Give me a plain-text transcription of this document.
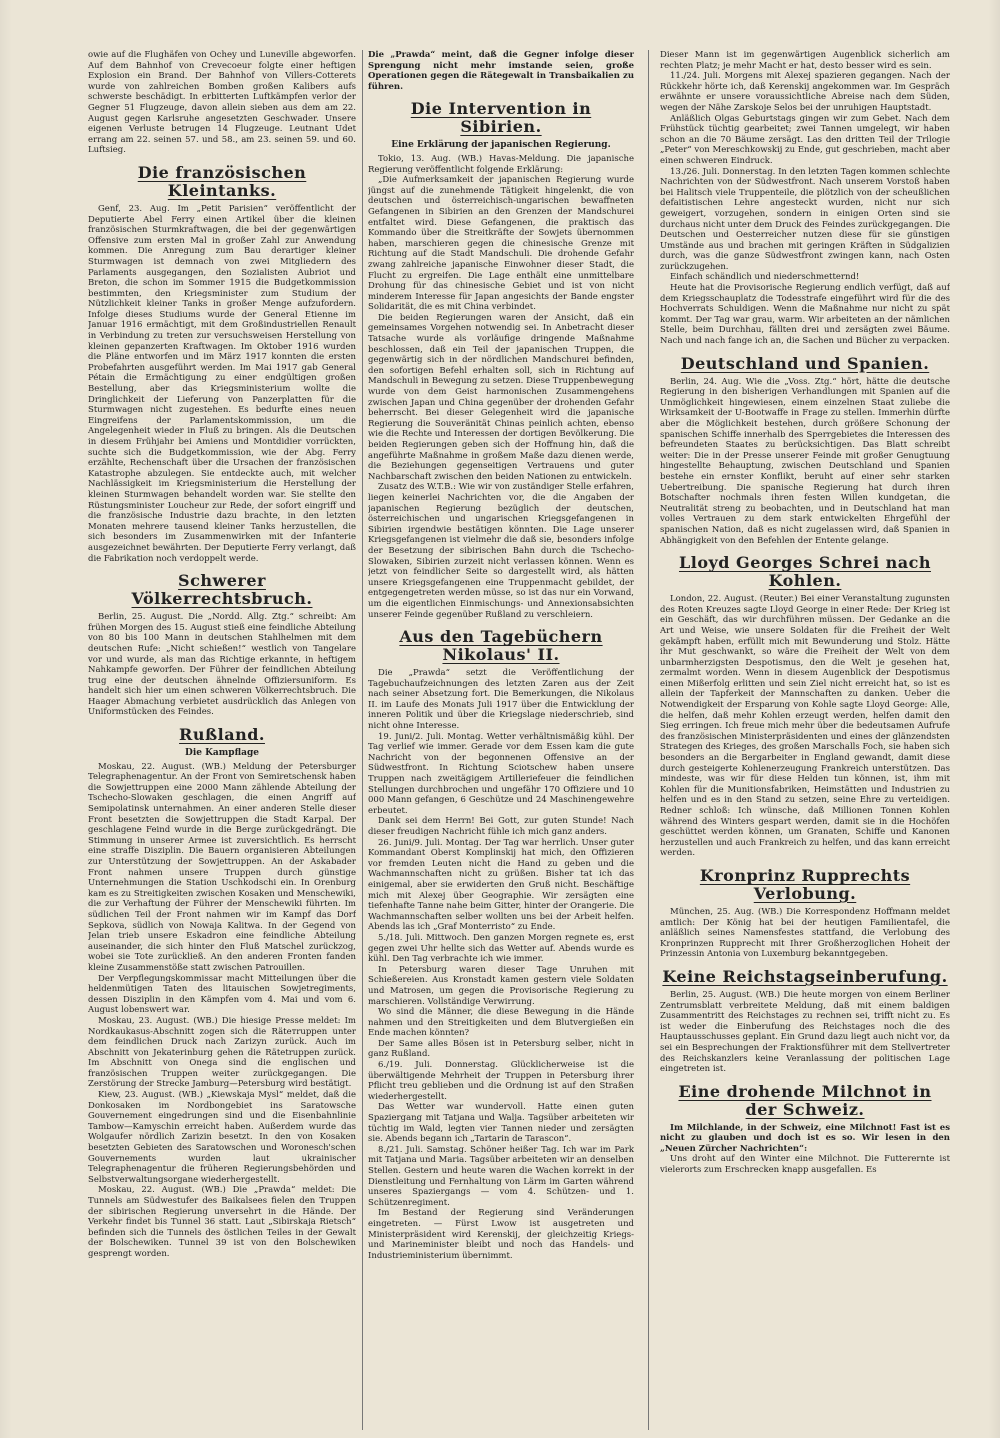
owie auf die Flughäfen von Ochey und Luneville abgeworfen. Auf dem Bahnhof von Crevecoeur folgte einer heftigen Explosion ein Brand. Der Bahnhof von Villers-Cotterets wurde von zahlreichen Bomben großen Kalibers aufs schwerste beschädigt. In erbitterten Luftkämpfen verlor der Gegner 51 Flugzeuge, davon allein sieben aus dem am 22. August gegen Karlsruhe angesetzten Geschwader. Unsere eigenen Verluste betrugen 14 Flugzeuge. Leutnant Udet errang am 22. seinen 57. und 58., am 23. seinen 59. und 60. Luftsieg.

Die französischen Kleintanks.

Genf, 23. Aug. Im „Petit Parisien“ veröffentlicht der Deputierte Abel Ferry einen Artikel über die kleinen französischen Sturmkraftwagen, die bei der gegenwärtigen Offensive zum ersten Mal in großer Zahl zur Anwendung kommen. Die Anregung zum Bau derartiger kleiner Sturmwagen ist demnach von zwei Mitgliedern des Parlaments ausgegangen, den Sozialisten Aubriot und Breton, die schon im Sommer 1915 die Budgetkommission bestimmten, den Kriegsminister zum Studium der Nützlichkeit kleiner Tanks in großer Menge aufzufordern. Infolge dieses Studiums wurde der General Etienne im Januar 1916 ermächtigt, mit dem Großindustriellen Renault in Verbindung zu treten zur versuchsweisen Herstellung von kleinen gepanzerten Kraftwagen. Im Oktober 1916 wurden die Pläne entworfen und im März 1917 konnten die ersten Probefahrten ausgeführt werden. Im Mai 1917 gab General Pétain die Ermächtigung zu einer endgültigen großen Bestellung, aber das Kriegsministerium wollte die Dringlichkeit der Lieferung von Panzerplatten für die Sturmwagen nicht zugestehen. Es bedurfte eines neuen Eingreifens der Parlamentskommission, um die Angelegenheit wieder in Fluß zu bringen. Als die Deutschen in diesem Frühjahr bei Amiens und Montdidier vorrückten, suchte sich die Budgetkommission, wie der Abg. Ferry erzählte, Rechenschaft über die Ursachen der französischen Katastrophe abzulegen. Sie entdeckte auch, mit welcher Nachlässigkeit im Kriegsministerium die Herstellung der kleinen Sturmwagen behandelt worden war. Sie stellte den Rüstungsminister Loucheur zur Rede, der sofort eingriff und die französische Industrie dazu brachte, in den letzten Monaten mehrere tausend kleiner Tanks herzustellen, die sich besonders im Zusammenwirken mit der Infanterie ausgezeichnet bewährten. Der Deputierte Ferry verlangt, daß die Fabrikation noch verdoppelt werde.

Schwerer Völkerrechtsbruch.

Berlin, 25. August. Die „Nordd. Allg. Ztg.“ schreibt: Am frühen Morgen des 15. August stieß eine feindliche Abteilung von 80 bis 100 Mann in deutschen Stahlhelmen mit dem deutschen Rufe: „Nicht schießen!“ westlich von Tangelare vor und wurde, als man das Richtige erkannte, in heftigem Nahkampfe geworfen. Der Führer der feindlichen Abteilung trug eine der deutschen ähnelnde Offiziersuniform. Es handelt sich hier um einen schweren Völkerrechtsbruch. Die Haager Abmachung verbietet ausdrücklich das Anlegen von Uniformstücken des Feindes.

Rußland.
Die Kampflage

Moskau, 22. August. (WB.) Meldung der Petersburger Telegraphenagentur. An der Front von Semiretschensk haben die Sowjettruppen eine 2000 Mann zählende Abteilung der Tschecho-Slowaken geschlagen, die einen Angriff auf Semipolatinsk unternahmen. An einer anderen Stelle dieser Front besetzten die Sowjettruppen die Stadt Karpal. Der geschlagene Feind wurde in die Berge zurückgedrängt. Die Stimmung in unserer Armee ist zuversichtlich. Es herrscht eine straffe Disziplin. Die Bauern organisieren Abteilungen zur Unterstützung der Sowjettruppen. An der Askabader Front nahmen unsere Truppen durch günstige Unternehmungen die Station Uschkodschi ein. In Orenburg kam es zu Streitigkeiten zwischen Kosaken und Menschewiki, die zur Verhaftung der Führer der Menschewiki führten. Im südlichen Teil der Front nahmen wir im Kampf das Dorf Sepkova, südlich von Nowaja Kalitwa. In der Gegend von Jelan trieb unsere Eskadron eine feindliche Abteilung auseinander, die sich hinter den Fluß Matschel zurückzog, wobei sie Tote zurückließ. An den anderen Fronten fanden kleine Zusammenstöße statt zwischen Patrouillen.

Der Verpflegungskommissar macht Mitteilungen über die heldenmütigen Taten des litauischen Sowjetregiments, dessen Disziplin in den Kämpfen vom 4. Mai und vom 6. August lobenswert war.

Moskau, 23. August. (WB.) Die hiesige Presse meldet: Im Nordkaukasus-Abschnitt zogen sich die Räteтruppen unter dem feindlichen Druck nach Zarizyn zurück. Auch im Abschnitt von Jekaterinburg gehen die Rätetruppen zurück. Im Abschnitt von Onega sind die englischen und französischen Truppen weiter zurückgegangen. Die Zerstörung der Strecke Jamburg—Petersburg wird bestätigt.

Kiew, 23. August. (WB.) „Kiewskaja Mysl“ meldet, daß die Donkosaken im Nordbongebiet ins Saratowsche Gouvernement eingedrungen sind und die Eisenbahnlinie Tambow—Kamyschin erreicht haben. Außerdem wurde das Wolgaufer nördlich Zarizin besetzt. In den von Kosaken besetzten Gebieten des Saratowschen und Woronesch'schen Gouvernements wurden laut ukrainischer Telegraphenagentur die früheren Regierungsbehörden und Selbstverwaltungsorgane wiederhergestellt.

Moskau, 22. August. (WB.) Die „Prawda“ meldet: Die Tunnels am Südwestufer des Baikalsees fielen den Truppen der sibirischen Regierung unversehrt in die Hände. Der Verkehr findet bis Tunnel 36 statt. Laut „Sibirskaja Rietsch“ befinden sich die Tunnels des östlichen Teiles in der Gewalt der Bolschewiken. Tunnel 39 ist von den Bolschewiken gesprengt worden.

Die „Prawda“ meint, daß die Gegner infolge dieser Sprengung nicht mehr imstande seien, große Operationen gegen die Rätegewalt in Transbaikalien zu führen.

Die Intervention in Sibirien.
Eine Erklärung der japanischen Regierung.

Tokio, 13. Aug. (WB.) Havas-Meldung. Die japanische Regierung veröffentlicht folgende Erklärung:

„Die Aufmerksamkeit der japanischen Regierung wurde jüngst auf die zunehmende Tätigkeit hingelenkt, die von deutschen und österreichisch-ungarischen bewaffneten Gefangenen in Sibirien an den Grenzen der Mandschurei entfaltet wird. Diese Gefangenen, die praktisch das Kommando über die Streitkräfte der Sowjets übernommen haben, marschieren gegen die chinesische Grenze mit Richtung auf die Stadt Mandschuli. Die drohende Gefahr zwang zahlreiche japanische Einwohner dieser Stadt, die Flucht zu ergreifen. Die Lage enthält eine unmittelbare Drohung für das chinesische Gebiet und ist von nicht minderem Interesse für Japan angesichts der Bande engster Solidarität, die es mit China verbindet.

Die beiden Regierungen waren der Ansicht, daß ein gemeinsames Vorgehen notwendig sei. In Anbetracht dieser Tatsache wurde als vorläufige dringende Maßnahme beschlossen, daß ein Teil der japanischen Truppen, die gegenwärtig sich in der nördlichen Mandschurei befinden, den sofortigen Befehl erhalten soll, sich in Richtung auf Mandschuli in Bewegung zu setzen. Diese Truppenbewegung wurde von dem Geist harmonischen Zusammengehens zwischen Japan und China gegenüber der drohenden Gefahr beherrscht. Bei dieser Gelegenheit wird die japanische Regierung die Souveränität Chinas peinlich achten, ebenso wie die Rechte und Interessen der dortigen Bevölkerung. Die beiden Regierungen geben sich der Hoffnung hin, daß die angeführte Maßnahme in großem Maße dazu dienen werde, die Beziehungen gegenseitigen Vertrauens und guter Nachbarschaft zwischen den beiden Nationen zu entwickeln.

Zusatz des W.T.B.: Wie wir von zuständiger Stelle erfahren, liegen keinerlei Nachrichten vor, die die Angaben der japanischen Regierung bezüglich der deutschen, österreichischen und ungarischen Kriegsgefangenen in Sibirien irgendwie bestätigen könnten. Die Lage unserer Kriegsgefangenen ist vielmehr die daß sie, besonders infolge der Besetzung der sibirischen Bahn durch die Tschecho-Slowaken, Sibirien zurzeit nicht verlassen können. Wenn es jetzt von feindlicher Seite so dargestellt wird, als hätten unsere Kriegsgefangenen eine Truppenmacht gebildet, der entgegengetreten werden müsse, so ist das nur ein Vorwand, um die eigentlichen Einmischungs- und Annexionsabsichten unserer Feinde gegenüber Rußland zu verschleiern.

Aus den Tagebüchern Nikolaus' II.

Die „Prawda“ setzt die Veröffentlichung der Tagebuchaufzeichnungen des letzten Zaren aus der Zeit nach seiner Absetzung fort. Die Bemerkungen, die Nikolaus II. im Laufe des Monats Juli 1917 über die Entwicklung der inneren Politik und über die Kriegslage niederschrieb, sind nicht ohne Interesse.

19. Juni/2. Juli. Montag. Wetter verhältnismäßig kühl. Der Tag verlief wie immer. Gerade vor dem Essen kam die gute Nachricht von der begonnenen Offensive an der Südwestfront. In Richtung Sciotschew haben unsere Truppen nach zweitägigem Artilleriefeuer die feindlichen Stellungen durchbrochen und ungefähr 170 Offiziere und 10 000 Mann gefangen, 6 Geschütze und 24 Maschinengewehre erbeutet.

Dank sei dem Herrn! Bei Gott, zur guten Stunde! Nach dieser freudigen Nachricht fühle ich mich ganz anders.

26. Juni/9. Juli. Montag. Der Tag war herrlich. Unser guter Kommandant Oberst Komplinskij hat mich, den Offizieren vor fremden Leuten nicht die Hand zu geben und die Wachmannschaften nicht zu grüßen. Bisher tat ich das einigemal, aber sie erwiderten den Gruß nicht. Beschäftige mich mit Alexej über Geographie. Wir zersägten eine tiefenhafte Tanne nahe beim Gitter, hinter der Orangerie. Die Wachmannschaften selber wollten uns bei der Arbeit helfen. Abends las ich „Graf Monterristo“ zu Ende.

5./18. Juli. Mittwoch. Den ganzen Morgen regnete es, erst gegen zwei Uhr hellte sich das Wetter auf. Abends wurde es kühl. Den Tag verbrachte ich wie immer.

In Petersburg waren dieser Tage Unruhen mit Schießereien. Aus Kronstadt kamen gestern viele Soldaten und Matrosen, um gegen die Provisorische Regierung zu marschieren. Vollständige Verwirrung.

Wo sind die Männer, die diese Bewegung in die Hände nahmen und den Streitigkeiten und dem Blutvergießen ein Ende machen könnten?

Der Same alles Bösen ist in Petersburg selber, nicht in ganz Rußland.

6./19. Juli. Donnerstag. Glücklicherweise ist die überwältigende Mehrheit der Truppen in Petersburg ihrer Pflicht treu geblieben und die Ordnung ist auf den Straßen wiederhergestellt.

Das Wetter war wundervoll. Hatte einen guten Spaziergang mit Tatjana und Walja. Tagsüber arbeiteten wir tüchtig im Wald, legten vier Tannen nieder und zersägten sie. Abends begann ich „Tartarin de Tarascon“.

8./21. Juli. Samstag. Schöner heißer Tag. Ich war im Park mit Tatjana und Maria. Tagsüber arbeiteten wir an denselben Stellen. Gestern und heute waren die Wachen korrekt in der Dienstleitung und Fernhaltung von Lärm im Garten während unseres Spaziergangs — vom 4. Schützen- und 1. Schützenregiment.

Im Bestand der Regierung sind Veränderungen eingetreten. — Fürst Lwow ist ausgetreten und Ministerpräsident wird Kerenskij, der gleichzeitig Kriegs- und Marineminister bleibt und noch das Handels- und Industrieministerium übernimmt.

Dieser Mann ist im gegenwärtigen Augenblick sicherlich am rechten Platz; je mehr Macht er hat, desto besser wird es sein.

11./24. Juli. Morgens mit Alexej spazieren gegangen. Nach der Rückkehr hörte ich, daß Kerenskij angekommen war. Im Gespräch erwähnte er unsere voraussichtliche Abreise nach dem Süden, wegen der Nähe Zarskoje Selos bei der unruhigen Hauptstadt.

Anläßlich Olgas Geburtstags gingen wir zum Gebet. Nach dem Frühstück tüchtig gearbeitet; zwei Tannen umgelegt, wir haben schon an die 70 Bäume zersägt. Las den dritten Teil der Trilogie „Peter“ von Mereschkowskij zu Ende, gut geschrieben, macht aber einen schweren Eindruck.

13./26. Juli. Donnerstag. In den letzten Tagen kommen schlechte Nachrichten von der Südwestfront. Nach unserem Vorstoß haben bei Halitsch viele Truppenteile, die plötzlich von der scheußlichen defaitistischen Lehre angesteckt wurden, nicht nur sich geweigert, vorzugehen, sondern in einigen Orten sind sie durchaus nicht unter dem Druck des Feindes zurückgegangen. Die Deutschen und Oesterreicher nutzen diese für sie günstigen Umstände aus und brachen mit geringen Kräften in Südgalizien durch, was die ganze Südwestfront zwingen kann, nach Osten zurückzugehen.

Einfach schändlich und niederschmetternd!

Heute hat die Provisorische Regierung endlich verfügt, daß auf dem Kriegsschauplatz die Todesstrafe eingeführt wird für die des Hochverrats Schuldigen. Wenn die Maßnahme nur nicht zu spät kommt. Der Tag war grau, warm. Wir arbeiteten an der nämlichen Stelle, beim Durchhau, fällten drei und zersägten zwei Bäume. Nach und nach fange ich an, die Sachen und Bücher zu verpacken.

Deutschland und Spanien.

Berlin, 24. Aug. Wie die „Voss. Ztg.“ hört, hätte die deutsche Regierung in den bisherigen Verhandlungen mit Spanien auf die Unmöglichkeit hingewiesen, einem einzelnen Staat zuliebe die Wirksamkeit der U-Bootwaffe in Frage zu stellen. Immerhin dürfte aber die Möglichkeit bestehen, durch größere Schonung der spanischen Schiffe innerhalb des Sperrgebietes die Interessen des befreundeten Staates zu berücksichtigen. Das Blatt schreibt weiter: Die in der Presse unserer Feinde mit großer Genugtuung hingestellte Behauptung, zwischen Deutschland und Spanien bestehe ein ernster Konflikt, beruht auf einer sehr starken Uebertreibung. Die spanische Regierung hat durch ihren Botschafter nochmals ihren festen Willen kundgetan, die Neutralität streng zu beobachten, und in Deutschland hat man volles Vertrauen zu dem stark entwickelten Ehrgefühl der spanischen Nation, daß es nicht zugelassen wird, daß Spanien in Abhängigkeit von den Befehlen der Entente gelange.

Lloyd Georges Schrei nach Kohlen.

London, 22. August. (Reuter.) Bei einer Veranstaltung zugunsten des Roten Kreuzes sagte Lloyd George in einer Rede: Der Krieg ist ein Geschäft, das wir durchführen müssen. Der Gedanke an die Art und Weise, wie unsere Soldaten für die Freiheit der Welt gekämpft haben, erfüllt mich mit Bewunderung und Stolz. Hätte ihr Mut geschwankt, so wäre die Freiheit der Welt von dem unbarmherzigsten Despotismus, den die Welt je gesehen hat, zermalmt worden. Wenn in diesem Augenblick der Despotismus einen Mißerfolg erlitten und sein Ziel nicht erreicht hat, so ist es allein der Tapferkeit der Mannschaften zu danken. Ueber die Notwendigkeit der Ersparung von Kohle sagte Lloyd George: Alle, die helfen, daß mehr Kohlen erzeugt werden, helfen damit den Sieg erringen. Ich freue mich mehr über die bedeutsamen Aufrufe des französischen Ministerpräsidenten und eines der glänzendsten Strategen des Krieges, des großen Marschalls Foch, sie haben sich besonders an die Bergarbeiter in England gewandt, damit diese durch gesteigerte Kohlenerzeugung Frankreich unterstützen. Das mindeste, was wir für diese Helden tun können, ist, ihm mit Kohlen für die Munitionsfabriken, Heimstätten und Industrien zu helfen und es in den Stand zu setzen, seine Ehre zu verteidigen. Redner schloß: Ich wünsche, daß Millionen Tonnen Kohlen während des Winters gespart werden, damit sie in die Hochöfen geschüttet werden können, um Granaten, Schiffe und Kanonen herzustellen und auch Frankreich zu helfen, und das kann erreicht werden.

Kronprinz Rupprechts Verlobung.

München, 25. Aug. (WB.) Die Korrespondenz Hoffmann meldet amtlich: Der König hat bei der heutigen Familientafel, die anläßlich seines Namensfestes stattfand, die Verlobung des Kronprinzen Rupprecht mit Ihrer Großherzoglichen Hoheit der Prinzessin Antonia von Luxemburg bekanntgegeben.

Keine Reichstagseinberufung.

Berlin, 25. August. (WB.) Die heute morgen von einem Berliner Zentrumsblatt verbreitete Meldung, daß mit einem baldigen Zusammentritt des Reichstages zu rechnen sei, trifft nicht zu. Es ist weder die Einberufung des Reichstages noch die des Hauptausschusses geplant. Ein Grund dazu liegt auch nicht vor, da sei ein Besprechungen der Fraktionsführer mit dem Stellvertreter des Reichskanzlers keine Veranlassung der politischen Lage eingetreten ist.

Eine drohende Milchnot in der Schweiz.

Im Milchlande, in der Schweiz, eine Milchnot! Fast ist es nicht zu glauben und doch ist es so. Wir lesen in den „Neuen Zürcher Nachrichten“:

Uns droht auf den Winter eine Milchnot. Die Futterernte ist vielerorts zum Erschrecken knapp ausgefallen. Es
